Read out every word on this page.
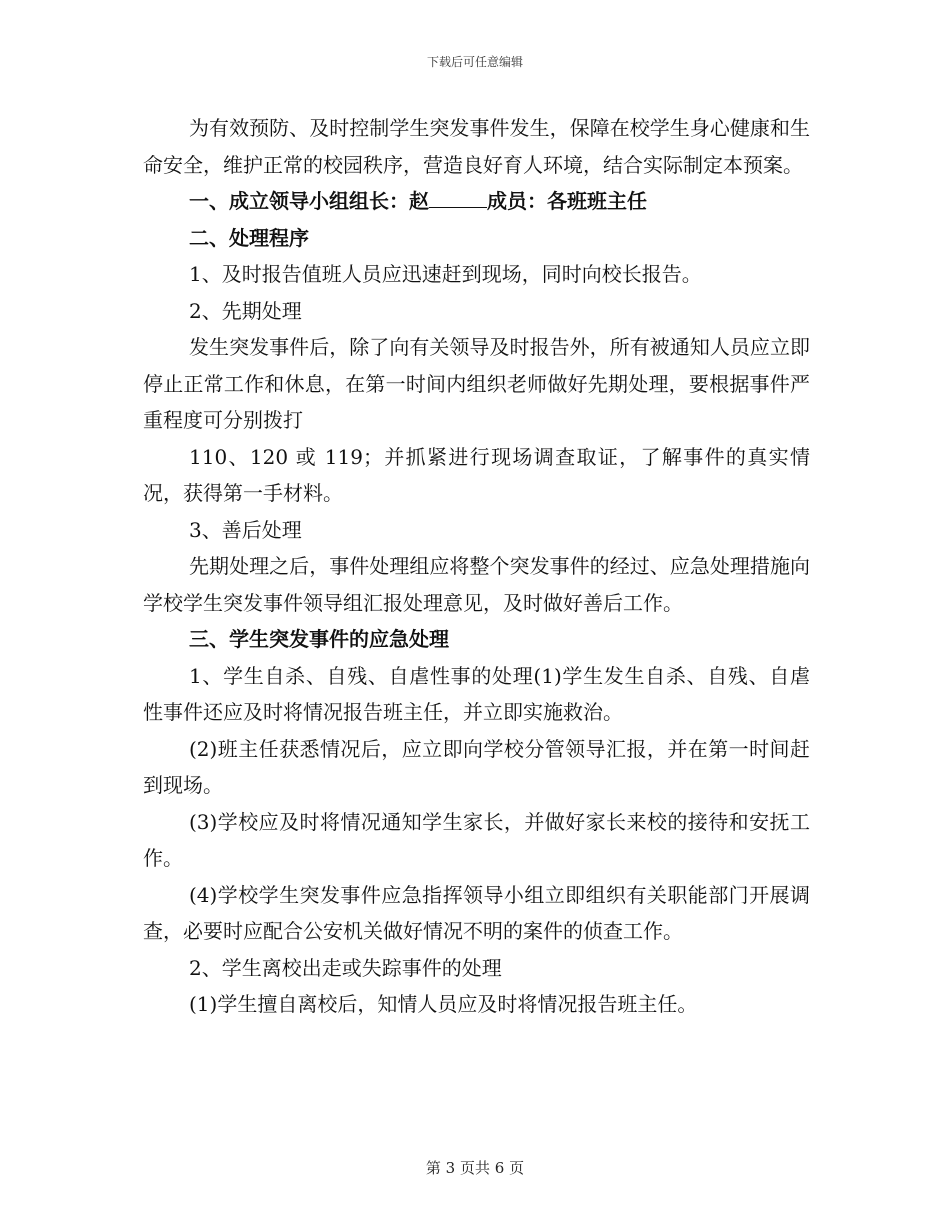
下载后可任意编辑

为有效预防、及时控制学生突发事件发生，保障在校学生身心健康和生命安全，维护正常的校园秩序，营造良好育人环境，结合实际制定本预案。

一、成立领导小组组长：赵	成员：各班班主任

二、处理程序

1、及时报告值班人员应迅速赶到现场，同时向校长报告。

2、先期处理

发生突发事件后，除了向有关领导及时报告外，所有被通知人员应立即停止正常工作和休息，在第一时间内组织老师做好先期处理，要根据事件严重程度可分别拨打

110、120 或 119；并抓紧进行现场调查取证，了解事件的真实情况，获得第一手材料。

3、善后处理

先期处理之后，事件处理组应将整个突发事件的经过、应急处理措施向学校学生突发事件领导组汇报处理意见，及时做好善后工作。

三、学生突发事件的应急处理

1、学生自杀、自残、自虐性事的处理(1)学生发生自杀、自残、自虐性事件还应及时将情况报告班主任，并立即实施救治。

(2)班主任获悉情况后，应立即向学校分管领导汇报，并在第一时间赶到现场。

(3)学校应及时将情况通知学生家长，并做好家长来校的接待和安抚工作。

(4)学校学生突发事件应急指挥领导小组立即组织有关职能部门开展调查，必要时应配合公安机关做好情况不明的案件的侦查工作。

2、学生离校出走或失踪事件的处理

(1)学生擅自离校后，知情人员应及时将情况报告班主任。

第 3 页共 6 页
